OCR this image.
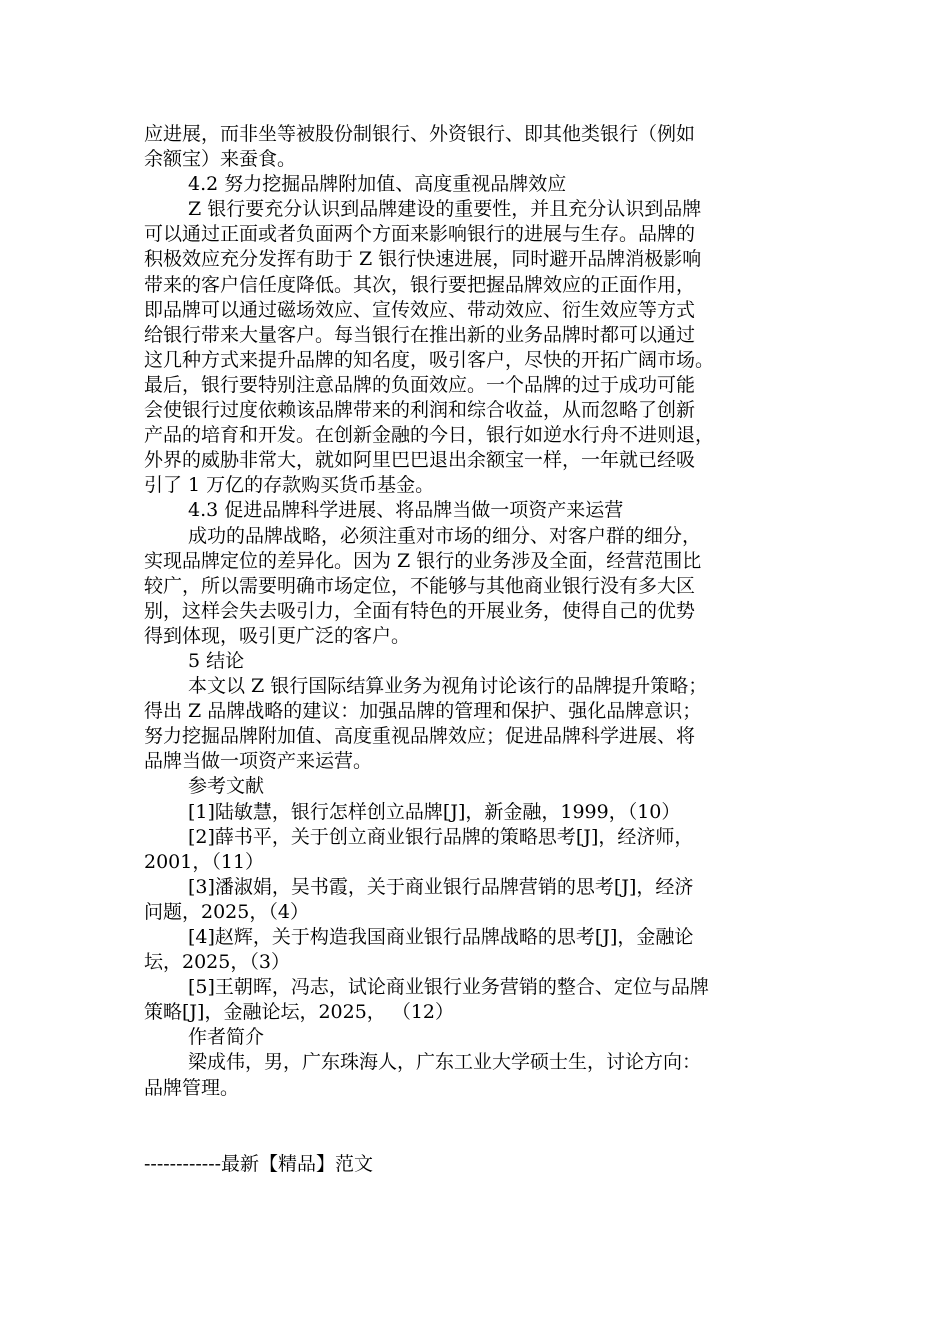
应进展，而非坐等被股份制银行、外资银行、即其他类银行（例如
余额宝）来蚕食。
4.2 努力挖掘品牌附加值、高度重视品牌效应
Z 银行要充分认识到品牌建设的重要性，并且充分认识到品牌
可以通过正面或者负面两个方面来影响银行的进展与生存。品牌的
积极效应充分发挥有助于 Z 银行快速进展，同时避开品牌消极影响
带来的客户信任度降低。其次，银行要把握品牌效应的正面作用，
即品牌可以通过磁场效应、宣传效应、带动效应、衍生效应等方式
给银行带来大量客户。每当银行在推出新的业务品牌时都可以通过
这几种方式来提升品牌的知名度，吸引客户，尽快的开拓广阔市场。
最后，银行要特别注意品牌的负面效应。一个品牌的过于成功可能
会使银行过度依赖该品牌带来的利润和综合收益，从而忽略了创新
产品的培育和开发。在创新金融的今日，银行如逆水行舟不进则退，
外界的威胁非常大，就如阿里巴巴退出余额宝一样，一年就已经吸
引了 1 万亿的存款购买货币基金。
4.3 促进品牌科学进展、将品牌当做一项资产来运营
成功的品牌战略，必须注重对市场的细分、对客户群的细分，
实现品牌定位的差异化。因为 Z 银行的业务涉及全面，经营范围比
较广，所以需要明确市场定位，不能够与其他商业银行没有多大区
别，这样会失去吸引力，全面有特色的开展业务，使得自己的优势
得到体现，吸引更广泛的客户。
5 结论
本文以 Z 银行国际结算业务为视角讨论该行的品牌提升策略；
得出 Z 品牌战略的建议：加强品牌的管理和保护、强化品牌意识；
努力挖掘品牌附加值、高度重视品牌效应；促进品牌科学进展、将
品牌当做一项资产来运营。
参考文献
[1]陆敏慧，银行怎样创立品牌[J]，新金融，1999，（10）
[2]薛书平，关于创立商业银行品牌的策略思考[J]，经济师，
2001，（11）
[3]潘淑娟，吴书霞，关于商业银行品牌营销的思考[J]，经济
问题，2025，（4）
[4]赵辉，关于构造我国商业银行品牌战略的思考[J]，金融论
坛，2025，（3）
[5]王朝晖，冯志，试论商业银行业务营销的整合、定位与品牌
策略[J]，金融论坛，2025， （12）
作者简介
梁成伟，男，广东珠海人，广东工业大学硕士生，讨论方向：
品牌管理。
------------最新【精品】范文
